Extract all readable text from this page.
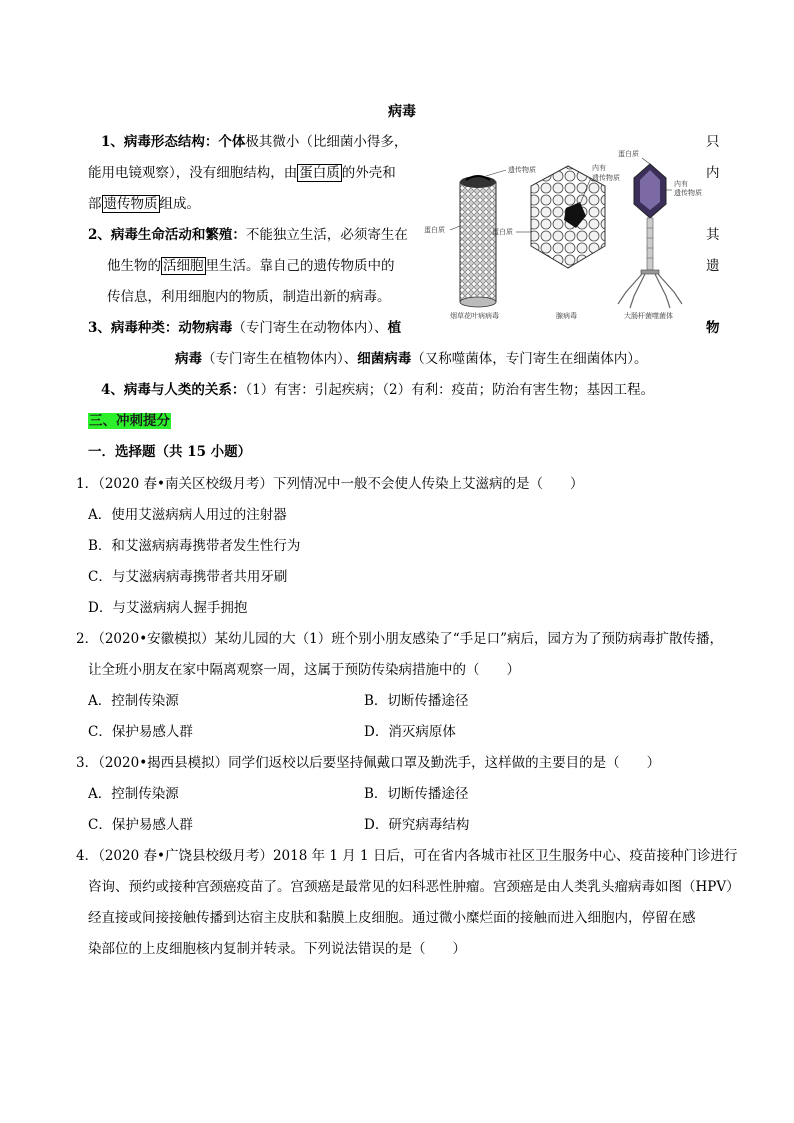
病毒
1、病毒形态结构：个体极其微小（比细菌小得多，	只
能用电镜观察），没有细胞结构，由 蛋白质 的外壳和	内
部 遗传物质 组成。
2、病毒生命活动和繁殖：不能独立生活，必须寄生在	其
他生物的 活细胞 里生活。靠自己的遗传物质中的	遗
传信息，利用细胞内的物质，制造出新的病毒。
3、病毒种类：动物病毒（专门寄生在动物体内）、植	物
病毒（专门寄生在植物体内）、细菌病毒（又称噬菌体，专门寄生在细菌体内）。
4、病毒与人类的关系：（1）有害：引起疾病；（2）有利：疫苗；防治有害生物；基因工程。
三、冲刺提分
一．选择题（共 15 小题）
1．（2020 春•南关区校级月考）下列情况中一般不会使人传染上艾滋病的是（　　）
A．使用艾滋病病人用过的注射器
B．和艾滋病病毒携带者发生性行为
C．与艾滋病病毒携带者共用牙刷
D．与艾滋病病人握手拥抱
2．（2020•安徽模拟）某幼儿园的大（1）班个别小朋友感染了“手足口”病后，园方为了预防病毒扩散传播，
让全班小朋友在家中隔离观察一周，这属于预防传染病措施中的（　　）
A．控制传染源	B．切断传播途径
C．保护易感人群	D．消灭病原体
3．（2020•揭西县模拟）同学们返校以后要坚持佩戴口罩及勤洗手，这样做的主要目的是（　　）
A．控制传染源	B．切断传播途径
C．保护易感人群	D．研究病毒结构
4．（2020 春•广饶县校级月考）2018 年 1 月 1 日后，可在省内各城市社区卫生服务中心、疫苗接种门诊进行
咨询、预约或接种宫颈癌疫苗了。宫颈癌是最常见的妇科恶性肿瘤。宫颈癌是由人类乳头瘤病毒如图（HPV）
经直接或间接接触传播到达宿主皮肤和黏膜上皮细胞。通过微小糜烂面的接触而进入细胞内，停留在感
染部位的上皮细胞核内复制并转录。下列说法错误的是（　　）
遗传物质
蛋白质	蛋白质
内有
遗传物质
蛋白质
内有
遗传物质
烟草花叶病病毒	腺病毒	大肠杆菌噬菌体
